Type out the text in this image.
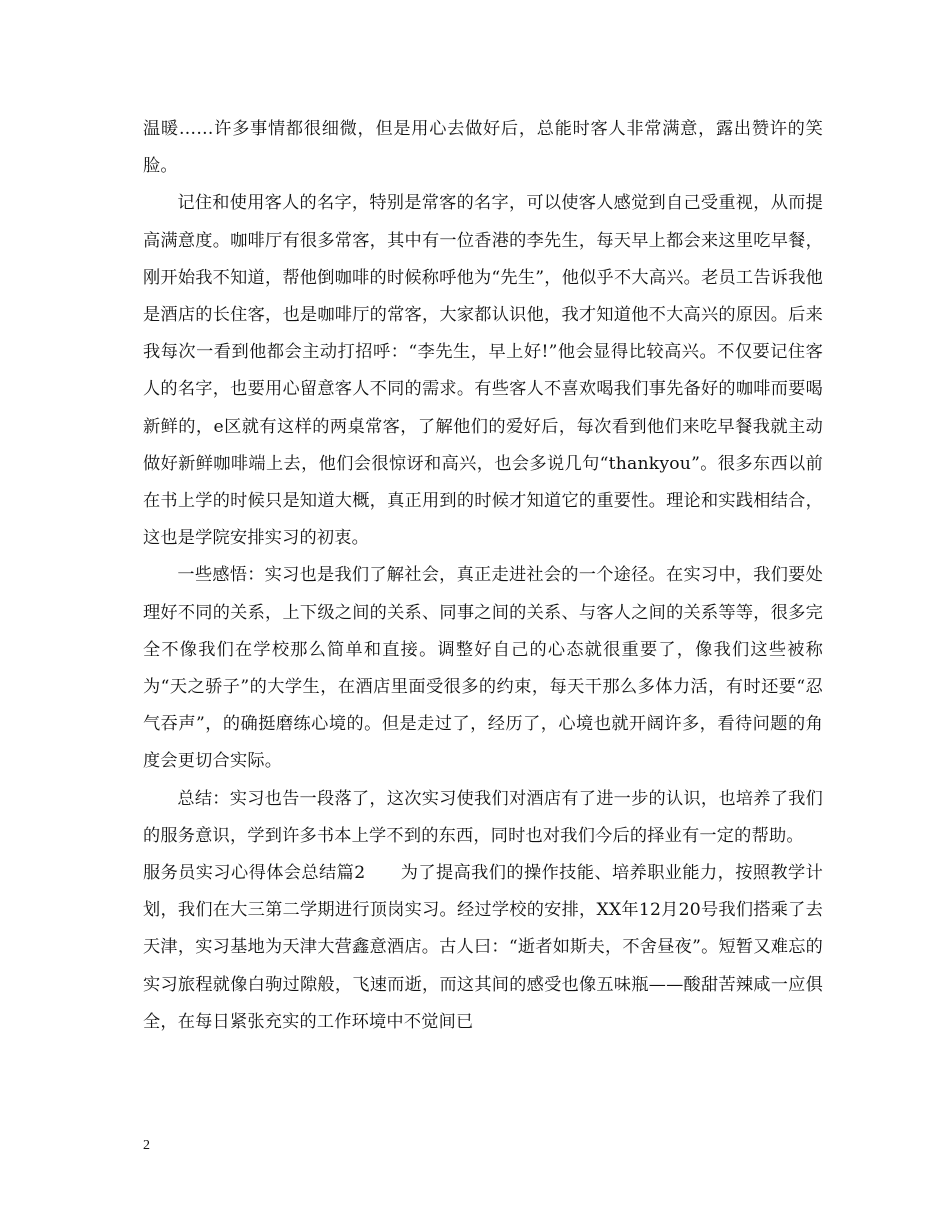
温暖……许多事情都很细微，但是用心去做好后，总能时客人非常满意，露出赞许的笑脸。

记住和使用客人的名字，特别是常客的名字，可以使客人感觉到自己受重视，从而提高满意度。咖啡厅有很多常客，其中有一位香港的李先生，每天早上都会来这里吃早餐，刚开始我不知道，帮他倒咖啡的时候称呼他为“先生”，他似乎不大高兴。老员工告诉我他是酒店的长住客，也是咖啡厅的常客，大家都认识他，我才知道他不大高兴的原因。后来我每次一看到他都会主动打招呼：“李先生，早上好!”他会显得比较高兴。不仅要记住客人的名字，也要用心留意客人不同的需求。有些客人不喜欢喝我们事先备好的咖啡而要喝新鲜的，e区就有这样的两桌常客，了解他们的爱好后，每次看到他们来吃早餐我就主动做好新鲜咖啡端上去，他们会很惊讶和高兴，也会多说几句“thankyou”。很多东西以前在书上学的时候只是知道大概，真正用到的时候才知道它的重要性。理论和实践相结合，这也是学院安排实习的初衷。

一些感悟：实习也是我们了解社会，真正走进社会的一个途径。在实习中，我们要处理好不同的关系，上下级之间的关系、同事之间的关系、与客人之间的关系等等，很多完全不像我们在学校那么简单和直接。调整好自己的心态就很重要了，像我们这些被称为“天之骄子”的大学生，在酒店里面受很多的约束，每天干那么多体力活，有时还要“忍气吞声”，的确挺磨练心境的。但是走过了，经历了，心境也就开阔许多，看待问题的角度会更切合实际。

总结：实习也告一段落了，这次实习使我们对酒店有了进一步的认识，也培养了我们的服务意识，学到许多书本上学不到的东西，同时也对我们今后的择业有一定的帮助。

服务员实习心得体会总结篇2　　为了提高我们的操作技能、培养职业能力，按照教学计划，我们在大三第二学期进行顶岗实习。经过学校的安排，XX年12月20号我们搭乘了去天津，实习基地为天津大营鑫意酒店。古人曰：“逝者如斯夫，不舍昼夜”。短暂又难忘的实习旅程就像白驹过隙般，飞速而逝，而这其间的感受也像五味瓶——酸甜苦辣咸一应俱全，在每日紧张充实的工作环境中不觉间已

2
